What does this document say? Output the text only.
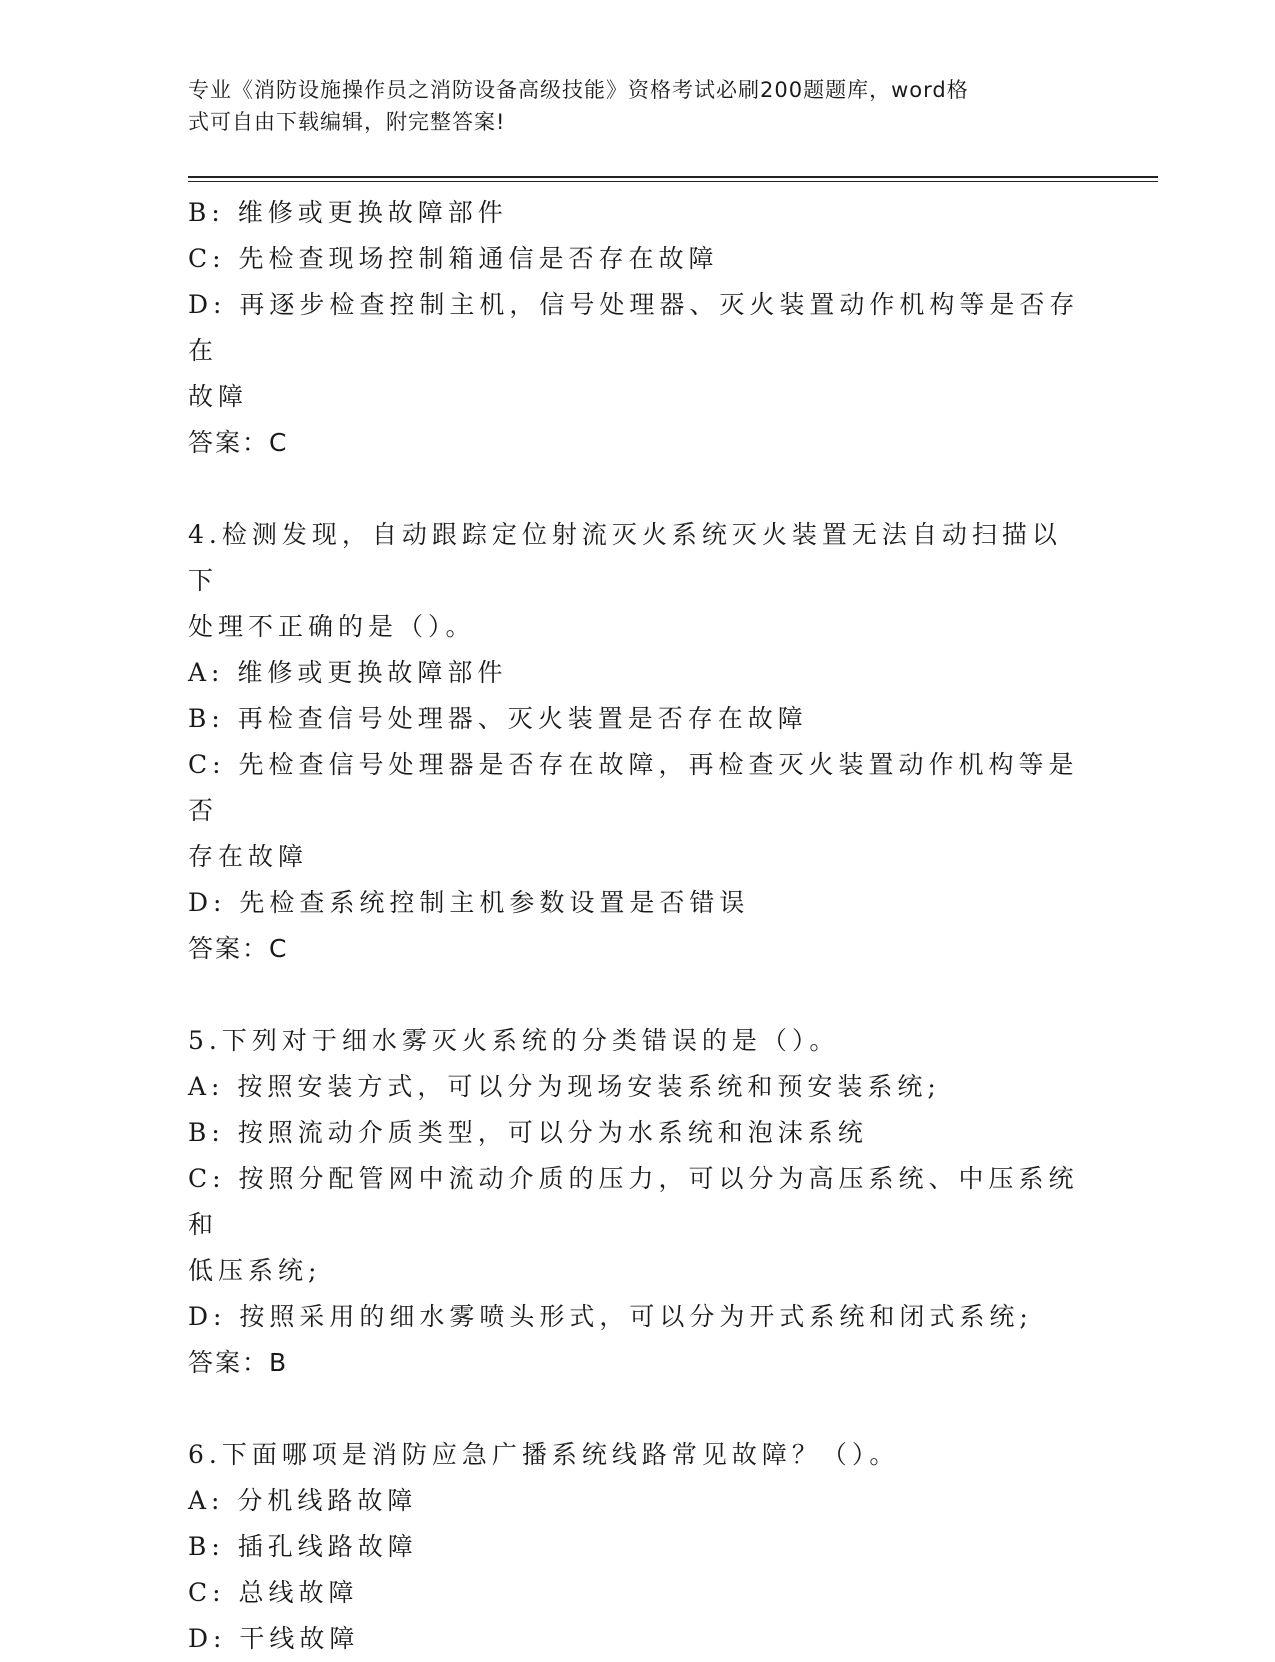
专业《消防设施操作员之消防设备高级技能》资格考试必刷200题题库，word格
式可自由下载编辑，附完整答案!

B: 维修或更换故障部件

C: 先检查现场控制箱通信是否存在故障

D: 再逐步检查控制主机，信号处理器、灭火装置动作机构等是否存在

故障

答案：C

4.检测发现，自动跟踪定位射流灭火系统灭火装置无法自动扫描以下

处理不正确的是（）。

A: 维修或更换故障部件

B: 再检查信号处理器、灭火装置是否存在故障

C: 先检查信号处理器是否存在故障，再检查灭火装置动作机构等是否

存在故障

D: 先检查系统控制主机参数设置是否错误

答案：C

5.下列对于细水雾灭火系统的分类错误的是（）。

A: 按照安装方式，可以分为现场安装系统和预安装系统;

B: 按照流动介质类型，可以分为水系统和泡沫系统

C: 按照分配管网中流动介质的压力，可以分为高压系统、中压系统和

低压系统;

D: 按照采用的细水雾喷头形式，可以分为开式系统和闭式系统;

答案：B

6.下面哪项是消防应急广播系统线路常见故障？（）。

A: 分机线路故障

B: 插孔线路故障

C: 总线故障

D: 干线故障
